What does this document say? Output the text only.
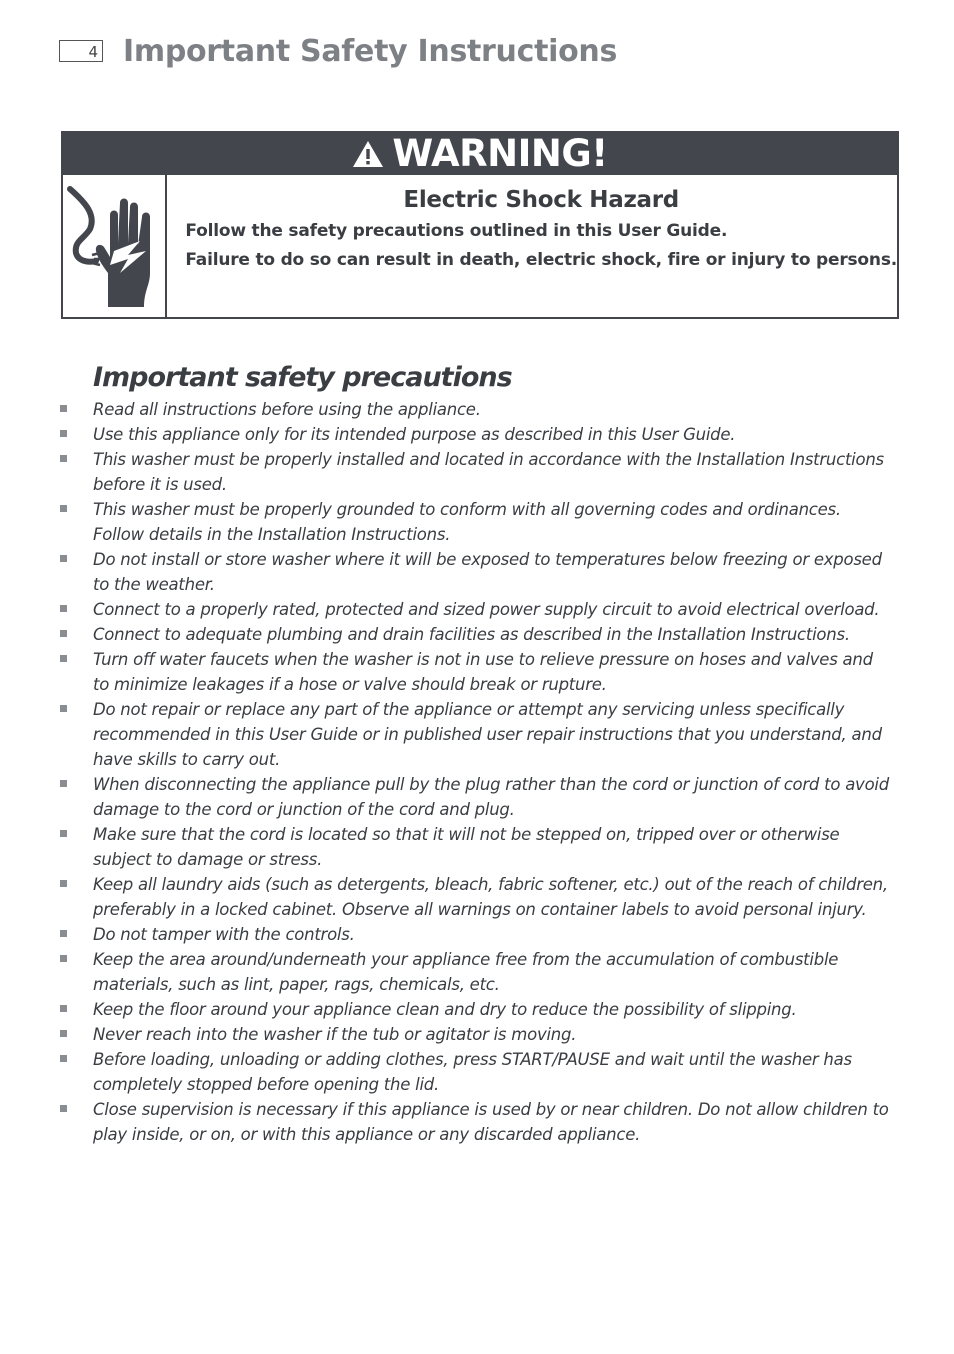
4 Important Safety Instructions
WARNING!

Electric Shock Hazard

Follow the safety precautions outlined in this User Guide.

Failure to do so can result in death, electric shock, fire or injury to persons.

Important safety precautions
Read all instructions before using the appliance.
Use this appliance only for its intended purpose as described in this User Guide.
This washer must be properly installed and located in accordance with the Installation Instructions before it is used.
This washer must be properly grounded to conform with all governing codes and ordinances. Follow details in the Installation Instructions.
Do not install or store washer where it will be exposed to temperatures below freezing or exposed to the weather.
Connect to a properly rated, protected and sized power supply circuit to avoid electrical overload.
Connect to adequate plumbing and drain facilities as described in the Installation Instructions.
Turn off water faucets when the washer is not in use to relieve pressure on hoses and valves and to minimize leakages if a hose or valve should break or rupture.
Do not repair or replace any part of the appliance or attempt any servicing unless specifically recommended in this User Guide or in published user repair instructions that you understand, and have skills to carry out.
When disconnecting the appliance pull by the plug rather than the cord or junction of cord to avoid damage to the cord or junction of the cord and plug.
Make sure that the cord is located so that it will not be stepped on, tripped over or otherwise subject to damage or stress.
Keep all laundry aids (such as detergents, bleach, fabric softener, etc.) out of the reach of children, preferably in a locked cabinet. Observe all warnings on container labels to avoid personal injury.
Do not tamper with the controls.
Keep the area around/underneath your appliance free from the accumulation of combustible materials, such as lint, paper, rags, chemicals, etc.
Keep the floor around your appliance clean and dry to reduce the possibility of slipping.
Never reach into the washer if the tub or agitator is moving.
Before loading, unloading or adding clothes, press START/PAUSE and wait until the washer has completely stopped before opening the lid.
Close supervision is necessary if this appliance is used by or near children. Do not allow children to play inside, or on, or with this appliance or any discarded appliance.
